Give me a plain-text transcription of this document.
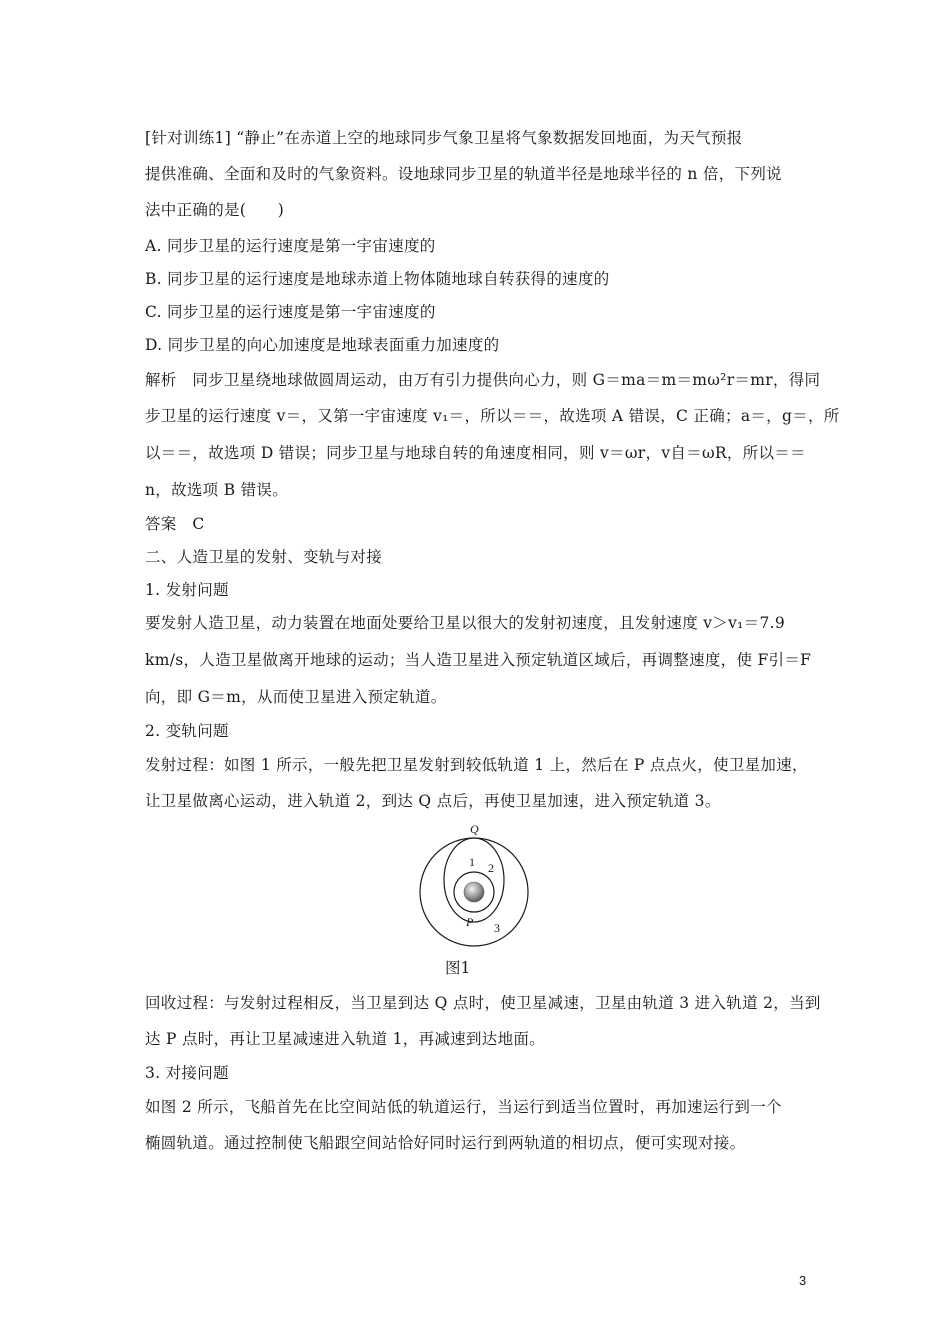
[针对训练1] “静止”在赤道上空的地球同步气象卫星将气象数据发回地面，为天气预报
提供准确、全面和及时的气象资料。设地球同步卫星的轨道半径是地球半径的 n 倍，下列说
法中正确的是(　　)
A. 同步卫星的运行速度是第一宇宙速度的
B. 同步卫星的运行速度是地球赤道上物体随地球自转获得的速度的
C. 同步卫星的运行速度是第一宇宙速度的
D. 同步卫星的向心加速度是地球表面重力加速度的
解析　同步卫星绕地球做圆周运动，由万有引力提供向心力，则 G＝ma＝m＝mω²r＝mr，得同
步卫星的运行速度 v＝，又第一宇宙速度 v₁＝，所以＝＝，故选项 A 错误，C 正确；a＝，g＝，所
以＝＝，故选项 D 错误；同步卫星与地球自转的角速度相同，则 v＝ωr，v自＝ωR，所以＝＝
n，故选项 B 错误。
答案　C
二、人造卫星的发射、变轨与对接
1. 发射问题
要发射人造卫星，动力装置在地面处要给卫星以很大的发射初速度，且发射速度 v＞v₁＝7.9
km/s，人造卫星做离开地球的运动；当人造卫星进入预定轨道区域后，再调整速度，使 F引＝F
向，即 G＝m，从而使卫星进入预定轨道。
2. 变轨问题
发射过程：如图 1 所示，一般先把卫星发射到较低轨道 1 上，然后在 P 点点火，使卫星加速，
让卫星做离心运动，进入轨道 2，到达 Q 点后，再使卫星加速，进入预定轨道 3。
Q
P
1 2
3
图1
回收过程：与发射过程相反，当卫星到达 Q 点时，使卫星减速，卫星由轨道 3 进入轨道 2，当到
达 P 点时，再让卫星减速进入轨道 1，再减速到达地面。
3. 对接问题
如图 2 所示，飞船首先在比空间站低的轨道运行，当运行到适当位置时，再加速运行到一个
椭圆轨道。通过控制使飞船跟空间站恰好同时运行到两轨道的相切点，便可实现对接。
3
